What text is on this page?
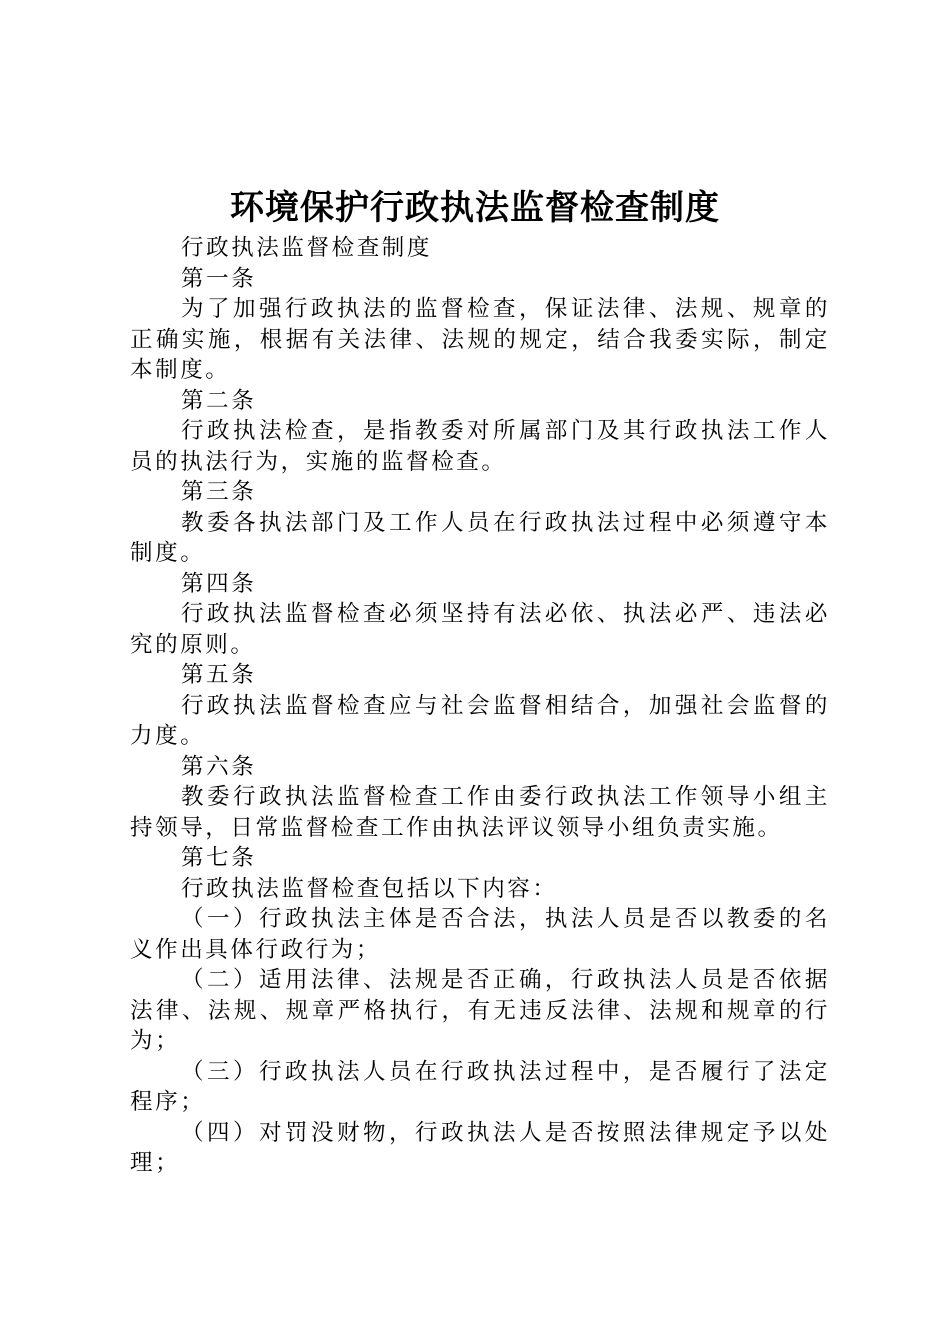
环境保护行政执法监督检查制度

行政执法监督检查制度

第一条

为了加强行政执法的监督检查，保证法律、法规、规章的正确实施，根据有关法律、法规的规定，结合我委实际，制定本制度。

第二条

行政执法检查，是指教委对所属部门及其行政执法工作人员的执法行为，实施的监督检查。

第三条

教委各执法部门及工作人员在行政执法过程中必须遵守本制度。

第四条

行政执法监督检查必须坚持有法必依、执法必严、违法必究的原则。

第五条

行政执法监督检查应与社会监督相结合，加强社会监督的力度。

第六条

教委行政执法监督检查工作由委行政执法工作领导小组主持领导，日常监督检查工作由执法评议领导小组负责实施。

第七条

行政执法监督检查包括以下内容：

（一）行政执法主体是否合法，执法人员是否以教委的名义作出具体行政行为；

（二）适用法律、法规是否正确，行政执法人员是否依据法律、法规、规章严格执行，有无违反法律、法规和规章的行为；

（三）行政执法人员在行政执法过程中，是否履行了法定程序；

（四）对罚没财物，行政执法人是否按照法律规定予以处理；
